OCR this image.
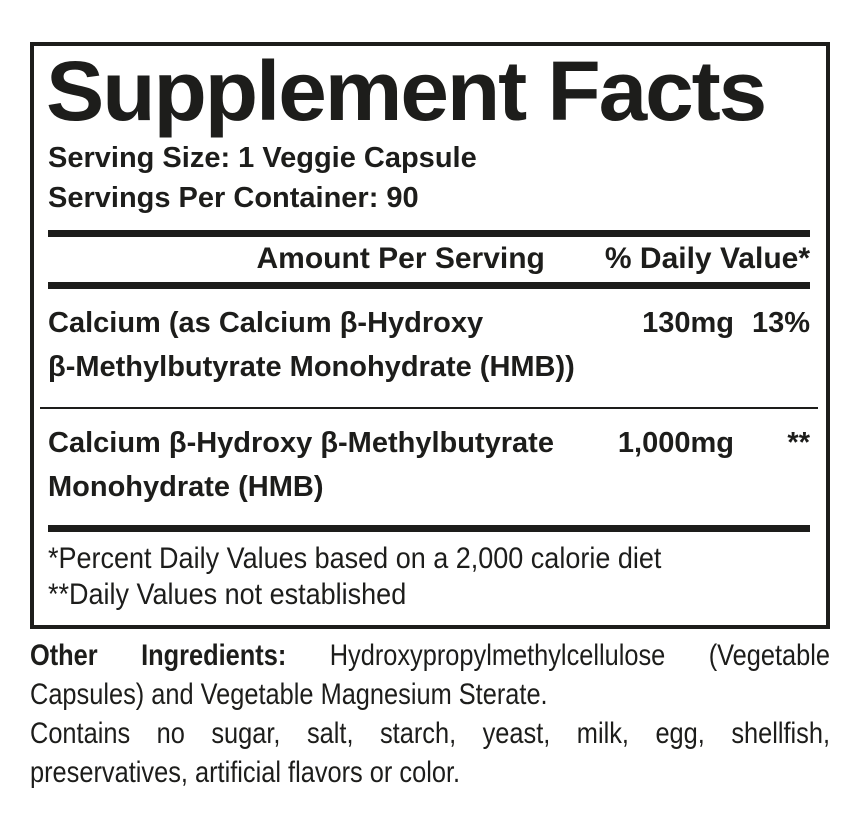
Supplement Facts
Serving Size: 1 Veggie Capsule
Servings Per Container: 90
Amount Per Serving % Daily Value*
Calcium (as Calcium β-Hydroxy
β-Methylbutyrate Monohydrate (HMB))
130mg 13%
Calcium β-Hydroxy β-Methylbutyrate
Monohydrate (HMB)
1,000mg	**
*Percent Daily Values based on a 2,000 calorie diet
**Daily Values not established

Other Ingredients: Hydroxypropylmethylcellulose (Vegetable Capsules) and Vegetable Magnesium Sterate.

Contains no sugar, salt, starch, yeast, milk, egg, shellfish, preservatives, artificial flavors or color.
